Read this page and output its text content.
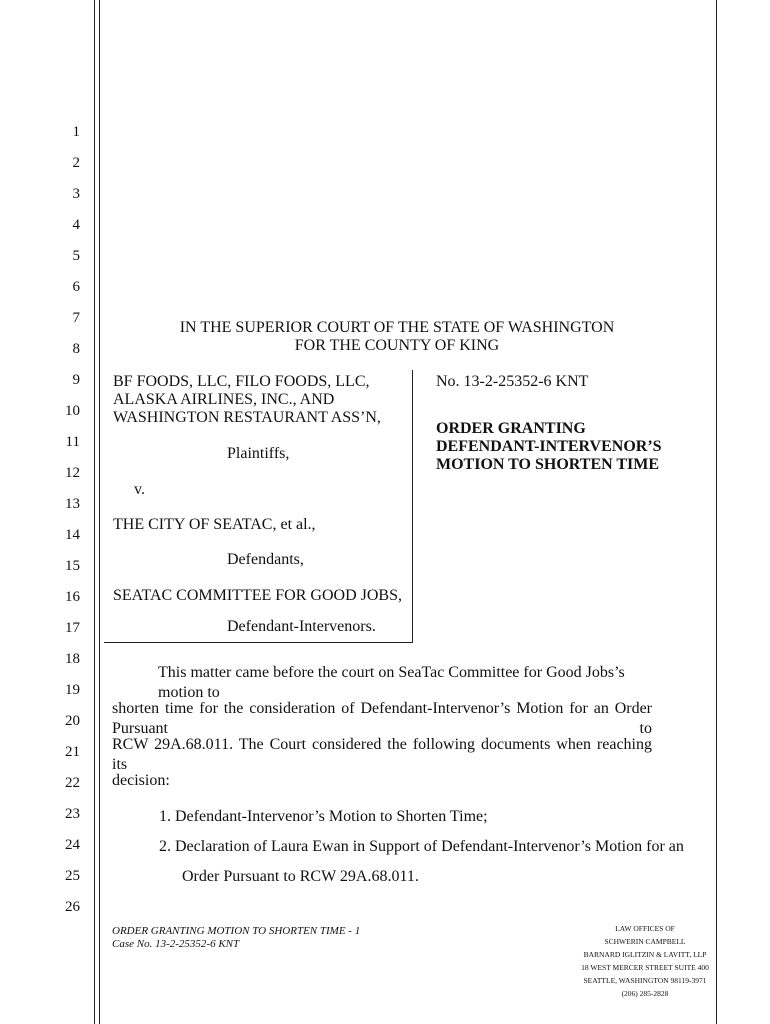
1
2
3
4
5
6
7
8
9
10
11
12
13
14
15
16
17
18
19
20
21
22
23
24
25
26
IN THE SUPERIOR COURT OF THE STATE OF WASHINGTON
FOR THE COUNTY OF KING
BF FOODS, LLC, FILO FOODS, LLC,
ALASKA AIRLINES, INC., AND
WASHINGTON RESTAURANT ASS’N,
Plaintiffs,
v.
THE CITY OF SEATAC, et al.,
Defendants,
SEATAC COMMITTEE FOR GOOD JOBS,
Defendant-Intervenors.
No. 13-2-25352-6 KNT
ORDER GRANTING
DEFENDANT-INTERVENOR’S
MOTION TO SHORTEN TIME
This matter came before the court on SeaTac Committee for Good Jobs’s motion to
shorten time for the consideration of Defendant-Intervenor’s Motion for an Order Pursuant to
RCW 29A.68.011. The Court considered the following documents when reaching its
decision:
1. Defendant-Intervenor’s Motion to Shorten Time;
2. Declaration of Laura Ewan in Support of Defendant-Intervenor’s Motion for an
Order Pursuant to RCW 29A.68.011.
ORDER GRANTING MOTION TO SHORTEN TIME - 1
Case No. 13-2-25352-6 KNT
LAW OFFICES OF
SCHWERIN CAMPBELL
BARNARD IGLITZIN & LAVITT, LLP
18 WEST MERCER STREET SUITE 400
SEATTLE, WASHINGTON 98119-3971
(206) 285-2828
